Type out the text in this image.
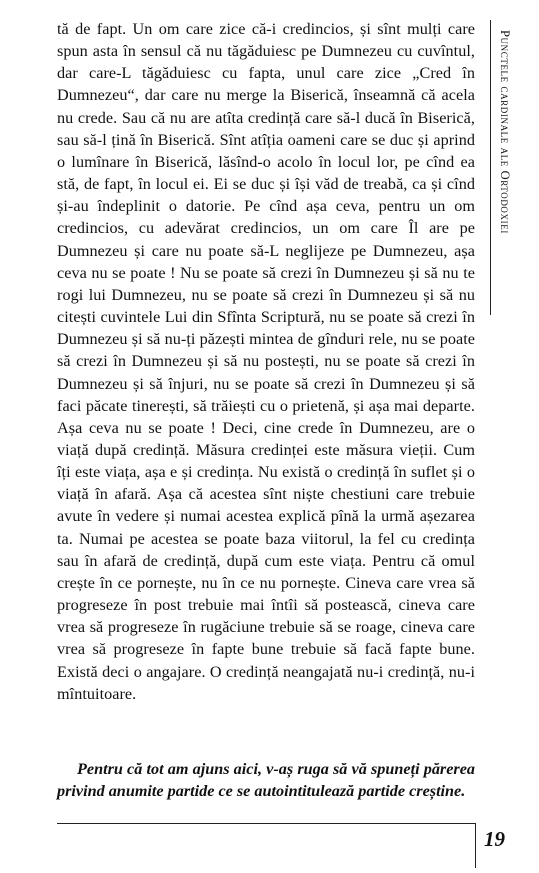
Punctele cardinale ale Ortodoxiei

tă de fapt. Un om care zice că-i credincios, și sînt mulți care spun asta în sensul că nu tăgăduiesc pe Dumnezeu cu cuvîntul, dar care-L tăgăduiesc cu fapta, unul care zice „Cred în Dumnezeu“, dar care nu merge la Biserică, înseamnă că acela nu crede. Sau că nu are atîta credință care să-l ducă în Biserică, sau să-l țină în Biserică. Sînt atîția oameni care se duc și aprind o lumînare în Biserică, lăsînd-o acolo în locul lor, pe cînd ea stă, de fapt, în locul ei. Ei se duc și își văd de treabă, ca și cînd și-au îndeplinit o datorie. Pe cînd așa ceva, pentru un om credincios, cu adevărat credincios, un om care Îl are pe Dumnezeu și care nu poate să-L neglijeze pe Dumnezeu, așa ceva nu se poate ! Nu se poate să crezi în Dumnezeu și să nu te rogi lui Dumnezeu, nu se poate să crezi în Dumnezeu și să nu citești cuvintele Lui din Sfînta Scriptură, nu se poate să crezi în Dumnezeu și să nu-ți păzești mintea de gînduri rele, nu se poate să crezi în Dumnezeu și să nu postești, nu se poate să crezi în Dumnezeu și să înjuri, nu se poate să crezi în Dumnezeu și să faci păcate tinerești, să trăiești cu o prietenă, și așa mai departe. Așa ceva nu se poate ! Deci, cine crede în Dumnezeu, are o viață după credință. Măsura credinței este măsura vieții. Cum îți este viața, așa e și credința. Nu există o credință în suflet și o viață în afară. Așa că acestea sînt niște chestiuni care trebuie avute în vedere și numai acestea explică pînă la urmă așezarea ta. Numai pe acestea se poate baza viitorul, la fel cu credința sau în afară de credință, după cum este viața. Pentru că omul crește în ce pornește, nu în ce nu pornește. Cineva care vrea să progreseze în post trebuie mai întîi să postească, cineva care vrea să progreseze în rugăciune trebuie să se roage, cineva care vrea să progreseze în fapte bune trebuie să facă fapte bune. Există deci o angajare. O credință neangajată nu-i credință, nu-i mîntuitoare.

Pentru că tot am ajuns aici, v-aș ruga să vă spuneți părerea privind anumite partide ce se autointitulează partide creștine.

19
